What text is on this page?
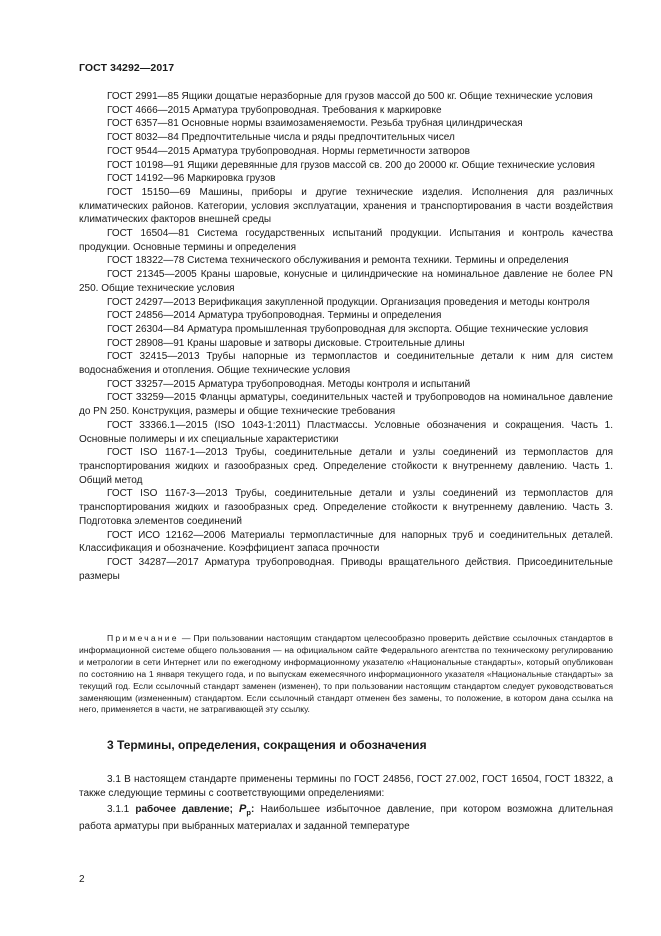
ГОСТ 34292—2017

ГОСТ 2991—85 Ящики дощатые неразборные для грузов массой до 500 кг. Общие технические условия

ГОСТ 4666—2015 Арматура трубопроводная. Требования к маркировке

ГОСТ 6357—81 Основные нормы взаимозаменяемости. Резьба трубная цилиндрическая

ГОСТ 8032—84 Предпочтительные числа и ряды предпочтительных чисел

ГОСТ 9544—2015 Арматура трубопроводная. Нормы герметичности затворов

ГОСТ 10198—91 Ящики деревянные для грузов массой св. 200 до 20000 кг. Общие технические условия

ГОСТ 14192—96 Маркировка грузов

ГОСТ 15150—69 Машины, приборы и другие технические изделия. Исполнения для различных климатических районов. Категории, условия эксплуатации, хранения и транспортирования в части воздействия климатических факторов внешней среды

ГОСТ 16504—81 Система государственных испытаний продукции. Испытания и контроль качества продукции. Основные термины и определения

ГОСТ 18322—78 Система технического обслуживания и ремонта техники. Термины и определения

ГОСТ 21345—2005 Краны шаровые, конусные и цилиндрические на номинальное давление не более PN 250. Общие технические условия

ГОСТ 24297—2013 Верификация закупленной продукции. Организация проведения и методы контроля

ГОСТ 24856—2014 Арматура трубопроводная. Термины и определения

ГОСТ 26304—84 Арматура промышленная трубопроводная для экспорта. Общие технические условия

ГОСТ 28908—91 Краны шаровые и затворы дисковые. Строительные длины

ГОСТ 32415—2013 Трубы напорные из термопластов и соединительные детали к ним для систем водоснабжения и отопления. Общие технические условия

ГОСТ 33257—2015 Арматура трубопроводная. Методы контроля и испытаний

ГОСТ 33259—2015 Фланцы арматуры, соединительных частей и трубопроводов на номинальное давление до PN 250. Конструкция, размеры и общие технические требования

ГОСТ 33366.1—2015 (ISO 1043-1:2011) Пластмассы. Условные обозначения и сокращения. Часть 1. Основные полимеры и их специальные характеристики

ГОСТ ISO 1167-1—2013 Трубы, соединительные детали и узлы соединений из термопластов для транспортирования жидких и газообразных сред. Определение стойкости к внутреннему давлению. Часть 1. Общий метод

ГОСТ ISO 1167-3—2013 Трубы, соединительные детали и узлы соединений из термопластов для транспортирования жидких и газообразных сред. Определение стойкости к внутреннему давлению. Часть 3. Подготовка элементов соединений

ГОСТ ИСО 12162—2006 Материалы термопластичные для напорных труб и соединительных деталей. Классификация и обозначение. Коэффициент запаса прочности

ГОСТ 34287—2017 Арматура трубопроводная. Приводы вращательного действия. Присоединительные размеры

Примечание — При пользовании настоящим стандартом целесообразно проверить действие ссылочных стандартов в информационной системе общего пользования — на официальном сайте Федерального агентства по техническому регулированию и метрологии в сети Интернет или по ежегодному информационному указателю «Национальные стандарты», который опубликован по состоянию на 1 января текущего года, и по выпускам ежемесячного информационного указателя «Национальные стандарты» за текущий год. Если ссылочный стандарт заменен (изменен), то при пользовании настоящим стандартом следует руководствоваться заменяющим (измененным) стандартом. Если ссылочный стандарт отменен без замены, то положение, в котором дана ссылка на него, применяется в части, не затрагивающей эту ссылку.

3 Термины, определения, сокращения и обозначения

3.1 В настоящем стандарте применены термины по ГОСТ 24856, ГОСТ 27.002, ГОСТ 16504, ГОСТ 18322, а также следующие термины с соответствующими определениями:

3.1.1 рабочее давление; $P_р$: Наибольшее избыточное давление, при котором возможна длительная работа арматуры при выбранных материалах и заданной температуре

2
